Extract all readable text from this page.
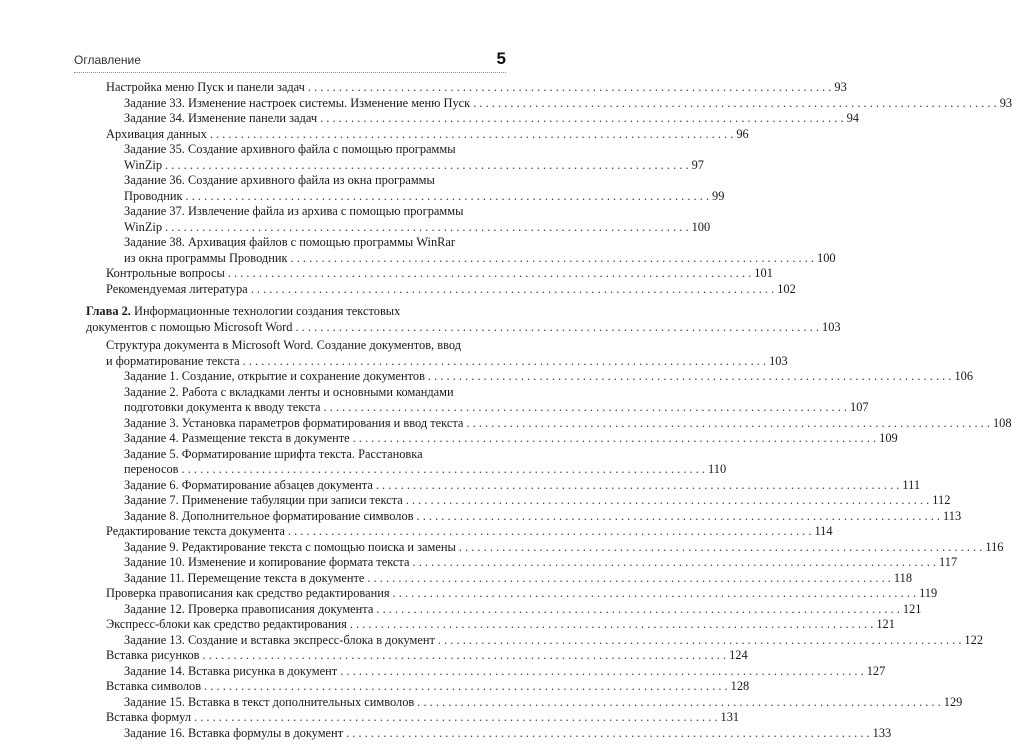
Оглавление	5
Настройка меню Пуск и панели задач . . . . . . . . . . . . . . . . . . . . . . . . . . . . . . . . . . . . . . . . . . . . . . . . . . . . . . . . . . . . . . . . . . . . . . . . . . . . . . . . . . . . . 93
Задание 33. Изменение настроек системы. Изменение меню Пуск . . . . . . . . . . . . . . . . . . . . . . . . . . . . . . . . . . . . . . . . . . . . . . . . . . . . . . . . . . . . . . . . . . . . . . . . . . . . . . . . . . . . . 93
Задание 34. Изменение панели задач . . . . . . . . . . . . . . . . . . . . . . . . . . . . . . . . . . . . . . . . . . . . . . . . . . . . . . . . . . . . . . . . . . . . . . . . . . . . . . . . . . . . . 94
Архивация данных . . . . . . . . . . . . . . . . . . . . . . . . . . . . . . . . . . . . . . . . . . . . . . . . . . . . . . . . . . . . . . . . . . . . . . . . . . . . . . . . . . . . . 96
Задание 35. Создание архивного файла с помощью программы
WinZip . . . . . . . . . . . . . . . . . . . . . . . . . . . . . . . . . . . . . . . . . . . . . . . . . . . . . . . . . . . . . . . . . . . . . . . . . . . . . . . . . . . . . 97
Задание 36. Создание архивного файла из окна программы
Проводник . . . . . . . . . . . . . . . . . . . . . . . . . . . . . . . . . . . . . . . . . . . . . . . . . . . . . . . . . . . . . . . . . . . . . . . . . . . . . . . . . . . . . 99
Задание 37. Извлечение файла из архива с помощью программы
WinZip . . . . . . . . . . . . . . . . . . . . . . . . . . . . . . . . . . . . . . . . . . . . . . . . . . . . . . . . . . . . . . . . . . . . . . . . . . . . . . . . . . . . . 100
Задание 38. Архивация файлов с помощью программы WinRar
из окна программы Проводник . . . . . . . . . . . . . . . . . . . . . . . . . . . . . . . . . . . . . . . . . . . . . . . . . . . . . . . . . . . . . . . . . . . . . . . . . . . . . . . . . . . . . 100
Контрольные вопросы . . . . . . . . . . . . . . . . . . . . . . . . . . . . . . . . . . . . . . . . . . . . . . . . . . . . . . . . . . . . . . . . . . . . . . . . . . . . . . . . . . . . . 101
Рекомендуемая литература . . . . . . . . . . . . . . . . . . . . . . . . . . . . . . . . . . . . . . . . . . . . . . . . . . . . . . . . . . . . . . . . . . . . . . . . . . . . . . . . . . . . . 102
Глава 2. Информационные технологии создания текстовых
документов с помощью Microsoft Word . . . . . . . . . . . . . . . . . . . . . . . . . . . . . . . . . . . . . . . . . . . . . . . . . . . . . . . . . . . . . . . . . . . . . . . . . . . . . . . . . . . . . 103
Структура документа в Microsoft Word. Создание документов, ввод
и форматирование текста . . . . . . . . . . . . . . . . . . . . . . . . . . . . . . . . . . . . . . . . . . . . . . . . . . . . . . . . . . . . . . . . . . . . . . . . . . . . . . . . . . . . . 103
Задание 1. Создание, открытие и сохранение документов . . . . . . . . . . . . . . . . . . . . . . . . . . . . . . . . . . . . . . . . . . . . . . . . . . . . . . . . . . . . . . . . . . . . . . . . . . . . . . . . . . . . . 106
Задание 2. Работа с вкладками ленты и основными командами
подготовки документа к вводу текста . . . . . . . . . . . . . . . . . . . . . . . . . . . . . . . . . . . . . . . . . . . . . . . . . . . . . . . . . . . . . . . . . . . . . . . . . . . . . . . . . . . . . 107
Задание 3. Установка параметров форматирования и ввод текста . . . . . . . . . . . . . . . . . . . . . . . . . . . . . . . . . . . . . . . . . . . . . . . . . . . . . . . . . . . . . . . . . . . . . . . . . . . . . . . . . . . . . 108
Задание 4. Размещение текста в документе . . . . . . . . . . . . . . . . . . . . . . . . . . . . . . . . . . . . . . . . . . . . . . . . . . . . . . . . . . . . . . . . . . . . . . . . . . . . . . . . . . . . . 109
Задание 5. Форматирование шрифта текста. Расстановка
переносов . . . . . . . . . . . . . . . . . . . . . . . . . . . . . . . . . . . . . . . . . . . . . . . . . . . . . . . . . . . . . . . . . . . . . . . . . . . . . . . . . . . . . 110
Задание 6. Форматирование абзацев документа . . . . . . . . . . . . . . . . . . . . . . . . . . . . . . . . . . . . . . . . . . . . . . . . . . . . . . . . . . . . . . . . . . . . . . . . . . . . . . . . . . . . . 111
Задание 7. Применение табуляции при записи текста . . . . . . . . . . . . . . . . . . . . . . . . . . . . . . . . . . . . . . . . . . . . . . . . . . . . . . . . . . . . . . . . . . . . . . . . . . . . . . . . . . . . . 112
Задание 8. Дополнительное форматирование символов . . . . . . . . . . . . . . . . . . . . . . . . . . . . . . . . . . . . . . . . . . . . . . . . . . . . . . . . . . . . . . . . . . . . . . . . . . . . . . . . . . . . . 113
Редактирование текста документа . . . . . . . . . . . . . . . . . . . . . . . . . . . . . . . . . . . . . . . . . . . . . . . . . . . . . . . . . . . . . . . . . . . . . . . . . . . . . . . . . . . . . 114
Задание 9. Редактирование текста с помощью поиска и замены . . . . . . . . . . . . . . . . . . . . . . . . . . . . . . . . . . . . . . . . . . . . . . . . . . . . . . . . . . . . . . . . . . . . . . . . . . . . . . . . . . . . . 116
Задание 10. Изменение и копирование формата текста . . . . . . . . . . . . . . . . . . . . . . . . . . . . . . . . . . . . . . . . . . . . . . . . . . . . . . . . . . . . . . . . . . . . . . . . . . . . . . . . . . . . . 117
Задание 11. Перемещение текста в документе . . . . . . . . . . . . . . . . . . . . . . . . . . . . . . . . . . . . . . . . . . . . . . . . . . . . . . . . . . . . . . . . . . . . . . . . . . . . . . . . . . . . . 118
Проверка правописания как средство редактирования . . . . . . . . . . . . . . . . . . . . . . . . . . . . . . . . . . . . . . . . . . . . . . . . . . . . . . . . . . . . . . . . . . . . . . . . . . . . . . . . . . . . . 119
Задание 12. Проверка правописания документа . . . . . . . . . . . . . . . . . . . . . . . . . . . . . . . . . . . . . . . . . . . . . . . . . . . . . . . . . . . . . . . . . . . . . . . . . . . . . . . . . . . . . 121
Экспресс-блоки как средство редактирования . . . . . . . . . . . . . . . . . . . . . . . . . . . . . . . . . . . . . . . . . . . . . . . . . . . . . . . . . . . . . . . . . . . . . . . . . . . . . . . . . . . . . 121
Задание 13. Создание и вставка экспресс-блока в документ . . . . . . . . . . . . . . . . . . . . . . . . . . . . . . . . . . . . . . . . . . . . . . . . . . . . . . . . . . . . . . . . . . . . . . . . . . . . . . . . . . . . . 122
Вставка рисунков . . . . . . . . . . . . . . . . . . . . . . . . . . . . . . . . . . . . . . . . . . . . . . . . . . . . . . . . . . . . . . . . . . . . . . . . . . . . . . . . . . . . . 124
Задание 14. Вставка рисунка в документ . . . . . . . . . . . . . . . . . . . . . . . . . . . . . . . . . . . . . . . . . . . . . . . . . . . . . . . . . . . . . . . . . . . . . . . . . . . . . . . . . . . . . 127
Вставка символов . . . . . . . . . . . . . . . . . . . . . . . . . . . . . . . . . . . . . . . . . . . . . . . . . . . . . . . . . . . . . . . . . . . . . . . . . . . . . . . . . . . . . 128
Задание 15. Вставка в текст дополнительных символов . . . . . . . . . . . . . . . . . . . . . . . . . . . . . . . . . . . . . . . . . . . . . . . . . . . . . . . . . . . . . . . . . . . . . . . . . . . . . . . . . . . . . 129
Вставка формул . . . . . . . . . . . . . . . . . . . . . . . . . . . . . . . . . . . . . . . . . . . . . . . . . . . . . . . . . . . . . . . . . . . . . . . . . . . . . . . . . . . . . 131
Задание 16. Вставка формулы в документ . . . . . . . . . . . . . . . . . . . . . . . . . . . . . . . . . . . . . . . . . . . . . . . . . . . . . . . . . . . . . . . . . . . . . . . . . . . . . . . . . . . . . 133
